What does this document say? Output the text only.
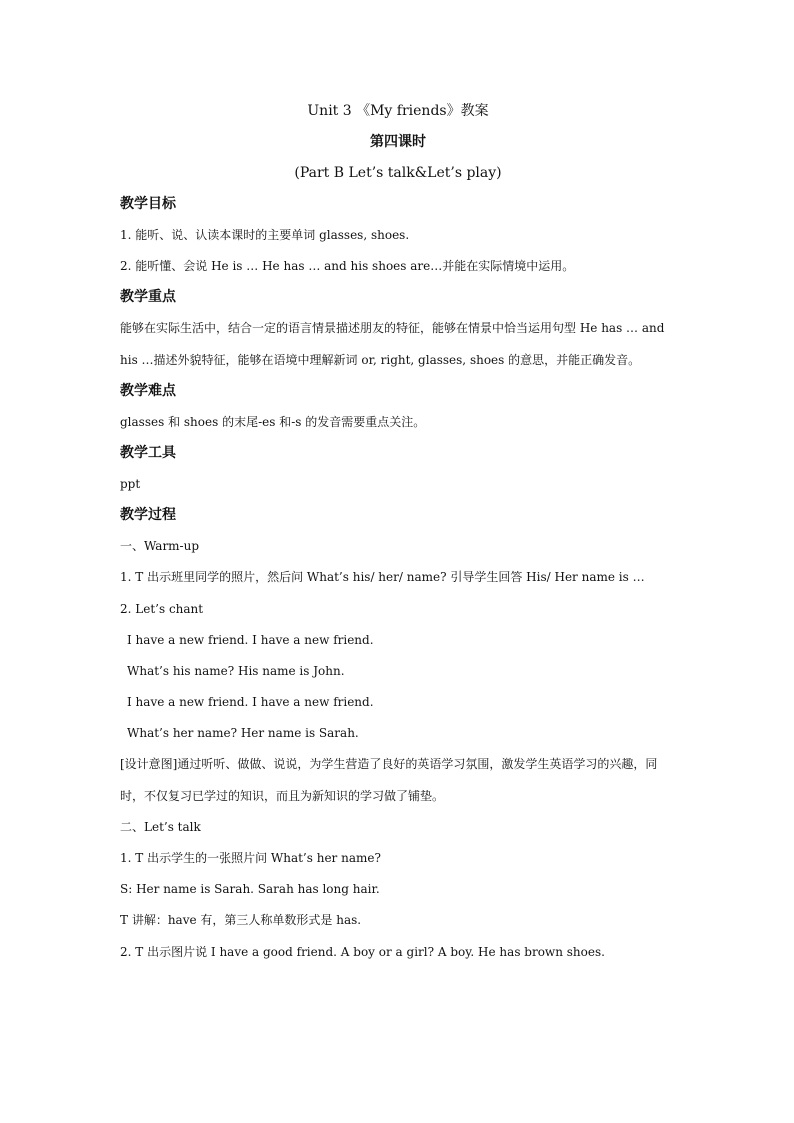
Unit 3 《My friends》教案
第四课时
(Part B Let’s talk&Let’s play)
教学目标
1. 能听、说、认读本课时的主要单词 glasses, shoes.
2. 能听懂、会说 He is … He has … and his shoes are…并能在实际情境中运用。
教学重点
能够在实际生活中，结合一定的语言情景描述朋友的特征，能够在情景中恰当运用句型 He has … and his …描述外貌特征，能够在语境中理解新词 or, right, glasses, shoes 的意思，并能正确发音。
教学难点
glasses 和 shoes 的末尾-es 和-s 的发音需要重点关注。
教学工具
ppt
教学过程
一、Warm-up
1. T 出示班里同学的照片，然后问 What’s his/ her/ name? 引导学生回答 His/ Her name is …
2. Let’s chant
I have a new friend. I have a new friend.
What’s his name? His name is John.
I have a new friend. I have a new friend.
What’s her name? Her name is Sarah.
[设计意图]通过听听、做做、说说，为学生营造了良好的英语学习氛围，激发学生英语学习的兴趣，同时，不仅复习已学过的知识，而且为新知识的学习做了铺垫。
二、Let’s talk
1. T 出示学生的一张照片问 What’s her name?
S: Her name is Sarah. Sarah has long hair.
T 讲解：have 有，第三人称单数形式是 has.
2. T 出示图片说 I have a good friend. A boy or a girl? A boy. He has brown shoes.
